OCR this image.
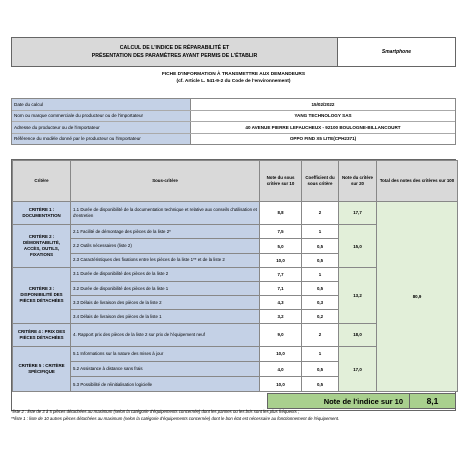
CALCUL DE L'INDICE DE RÉPARABILITÉ ET
PRÉSENTATION DES PARAMÈTRES AYANT PERMIS DE L'ÉTABLIR
Smartphone
FICHE D'INFORMATION À TRANSMETTRE AUX DEMANDEURS
(cf. Article L. 541-9-2 du Code de l'environnement)
Date du calcul	15/02/2022
Nom ou marque commerciale du producteur ou de l'importateur	YANG TECHNOLOGY SAS
Adresse du producteur ou de l'importateur	40 AVENUE PIERRE LEFAUCHEUX - 92100 BOULOGNE-BILLANCOURT
Référence du modèle donné par le producteur ou l'importateur	OPPO FIND X5 LITE(CPH2371)
Critère	Sous-critère	Note du sous critère sur 10	Coefficient du sous critère	Note du critère sur 20	Total des notes des critères sur 100
CRITÈRE 1 : DOCUMENTATION	1.1 Durée de disponibilité de la documentation technique et relative aux conseils d'utilisation et d'entretien	8,8	2	17,7	80,9
CRITÈRE 2 : DÉMONTABILITÉ, ACCÈS, OUTILS, FIXATIONS	2.1 Facilité de démontage des pièces de la liste 2*	7,5	1	15,0	
	2.2 Outils nécessaires (liste 2)	5,0	0,5		
	2.3 Caractéristiques des fixations entre les pièces de la liste 1** et de la liste 2	10,0	0,5		
CRITÈRE 3 : DISPONIBILITÉ DES PIÈCES DÉTACHÉES	3.1 Durée de disponibilité des pièces de la liste 2	7,7	1	13,2	
	3.2 Durée de disponibilité des pièces de la liste 1	7,1	0,5		
	3.3 Délais de livraison des pièces de la liste 2	4,3	0,3		
	3.4 Délais de livraison des pièces de la liste 1	3,2	0,2		
CRITÈRE 4 : PRIX DES PIÈCES DÉTACHÉES	4. Rapport prix des pièces de la liste 2 sur prix de l'équipement neuf	9,0	2	18,0	
CRITÈRE 5 : CRITÈRE SPÉCIFIQUE	5.1 Informations sur la nature des mises à jour	10,0	1	17,0	
	5.2 Assistance à distance sans frais	4,0	0,5		
	5.3 Possibilité de réinitialisation logicielle	10,0	0,5		

Note de l'indice sur 10	8,1
*liste 2 : liste de 3 à 5 pièces détachées au maximum (selon la catégorie d'équipements concernée) dont les pannes ou les bris sont les plus fréquents ;
**liste 1 : liste de 10 autres pièces détachées au maximum (selon la catégorie d'équipements concernée) dont le bon état est nécessaire au fonctionnement de l'équipement.
